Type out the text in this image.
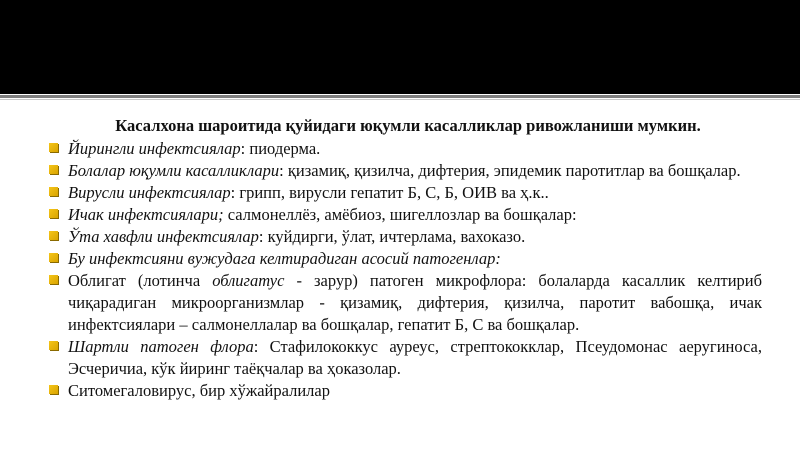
Касалхона шароитида қуйидаги юқумли касалликлар ривожланиши мумкин.
Йирингли инфектсиялар: пиодерма.
Болалар юқумли касалликлари: қизамиқ, қизилча, дифтерия, эпидемик паротитлар ва бошқалар.
Вирусли инфектсиялар: грипп, вирусли гепатит Б, С, Б, ОИВ ва ҳ.к..
Ичак инфектсиялари; салмонеллёз, амёбиоз, шигеллозлар ва бошқалар:
Ўта хавфли инфектсиялар: куйдирги, ўлат, ичтерлама, вахоказо.
Бу инфектсияни вужудага келтирадиган асосий патогенлар:
Облигат (лотинча облигатус - зарур) патоген микрофлора: болаларда касаллик келтириб чиқарадиган микроорганизмлар - қизамиқ, дифтерия, қизилча, паротит вабошқа, ичак инфектсиялари – салмонеллалар ва бошқалар, гепатит Б, С ва бошқалар.
Шартли патоген флора: Стафилококкус ауреус, стрептококклар, Псеудомонас аеругиноса, Эсчеричиа, кўк йиринг таёқчалар ва ҳоказолар.
Ситомегаловирус, бир хўжайралилар
